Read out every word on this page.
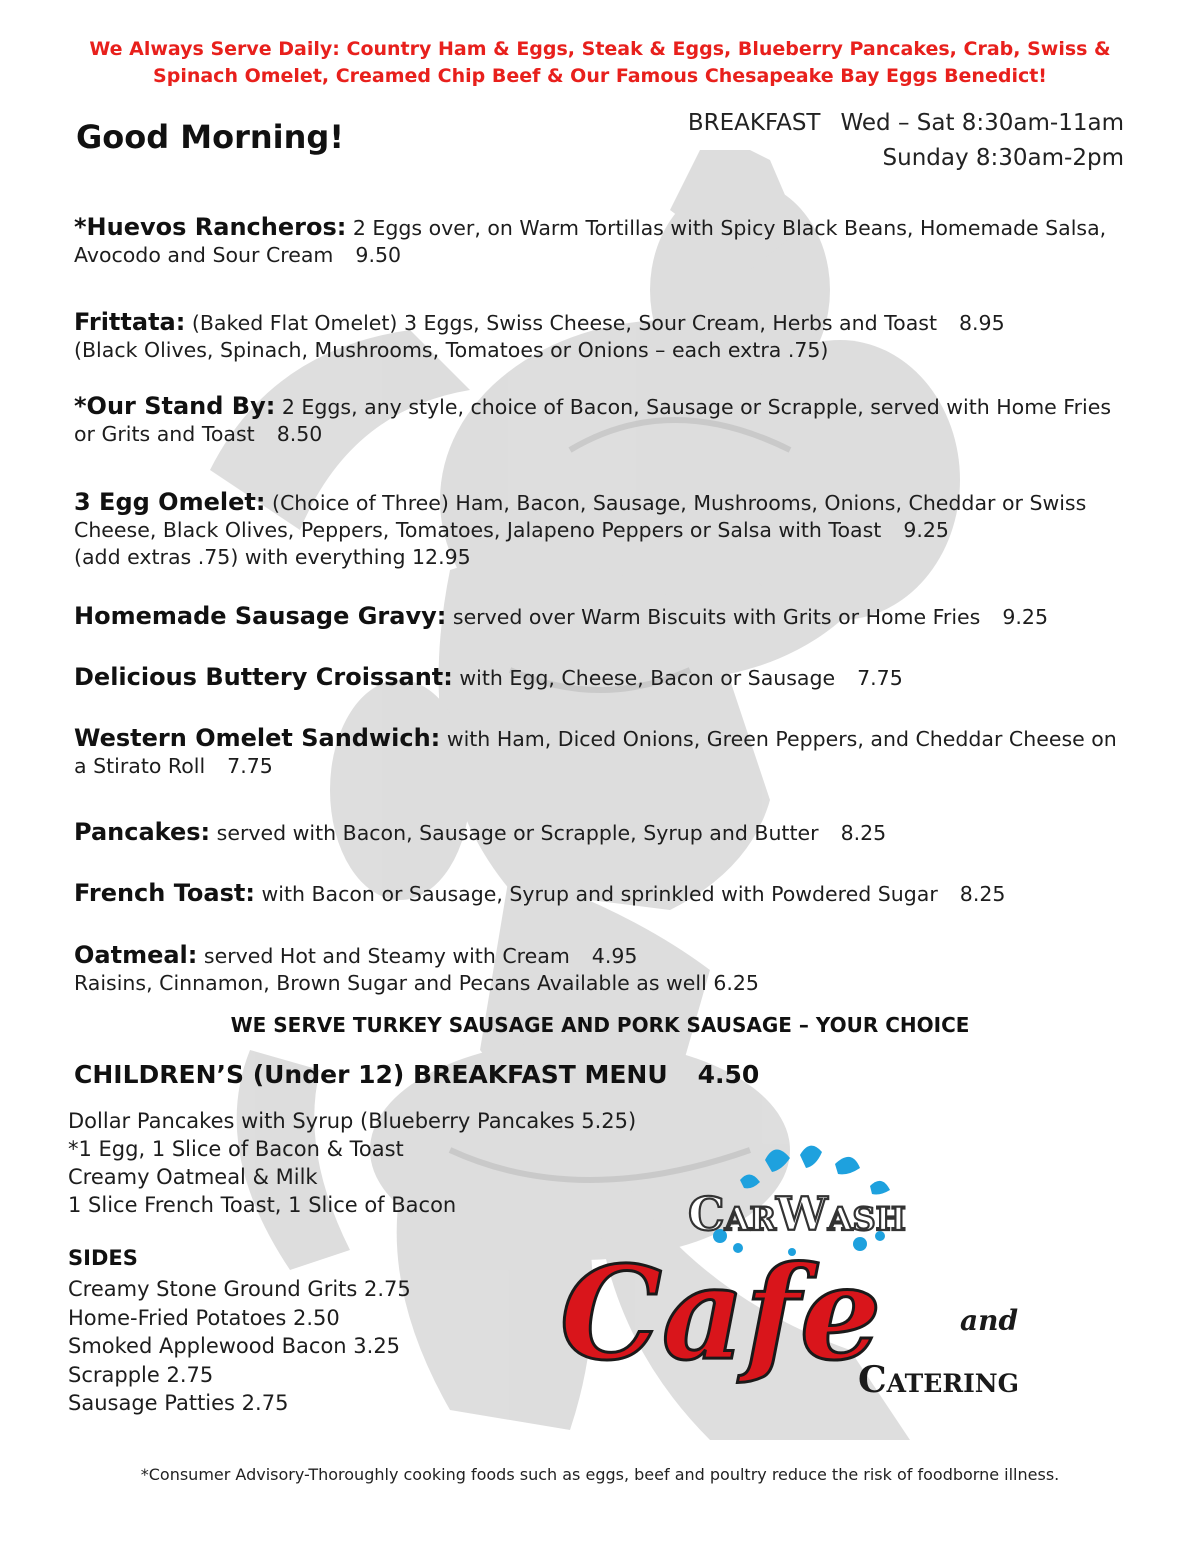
We Always Serve Daily: Country Ham & Eggs, Steak & Eggs, Blueberry Pancakes, Crab, Swiss & Spinach Omelet, Creamed Chip Beef & Our Famous Chesapeake Bay Eggs Benedict!
Good Morning!	BREAKFAST Wed – Sat 8:30am-11am
Sunday 8:30am-2pm
*Huevos Rancheros: 2 Eggs over, on Warm Tortillas with Spicy Black Beans, Homemade Salsa, Avocodo and Sour Cream 9.50
Frittata: (Baked Flat Omelet) 3 Eggs, Swiss Cheese, Sour Cream, Herbs and Toast 8.95
(Black Olives, Spinach, Mushrooms, Tomatoes or Onions – each extra .75)
*Our Stand By: 2 Eggs, any style, choice of Bacon, Sausage or Scrapple, served with Home Fries or Grits and Toast 8.50
3 Egg Omelet: (Choice of Three) Ham, Bacon, Sausage, Mushrooms, Onions, Cheddar or Swiss Cheese, Black Olives, Peppers, Tomatoes, Jalapeno Peppers or Salsa with Toast 9.25
(add extras .75) with everything 12.95
Homemade Sausage Gravy: served over Warm Biscuits with Grits or Home Fries 9.25
Delicious Buttery Croissant: with Egg, Cheese, Bacon or Sausage 7.75
Western Omelet Sandwich: with Ham, Diced Onions, Green Peppers, and Cheddar Cheese on a Stirato Roll 7.75
Pancakes: served with Bacon, Sausage or Scrapple, Syrup and Butter 8.25
French Toast: with Bacon or Sausage, Syrup and sprinkled with Powdered Sugar 8.25
Oatmeal: served Hot and Steamy with Cream 4.95
Raisins, Cinnamon, Brown Sugar and Pecans Available as well 6.25
WE SERVE TURKEY SAUSAGE AND PORK SAUSAGE – YOUR CHOICE
CHILDREN’S (Under 12) BREAKFAST MENU 4.50
Dollar Pancakes with Syrup (Blueberry Pancakes 5.25)
*1 Egg, 1 Slice of Bacon & Toast
Creamy Oatmeal & Milk
1 Slice French Toast, 1 Slice of Bacon
SIDES
Creamy Stone Ground Grits 2.75
Home-Fried Potatoes 2.50
Smoked Applewood Bacon 3.25
Scrapple 2.75
Sausage Patties 2.75
CarWash
Cafe	and
Catering
*Consumer Advisory-Thoroughly cooking foods such as eggs, beef and poultry reduce the risk of foodborne illness.
